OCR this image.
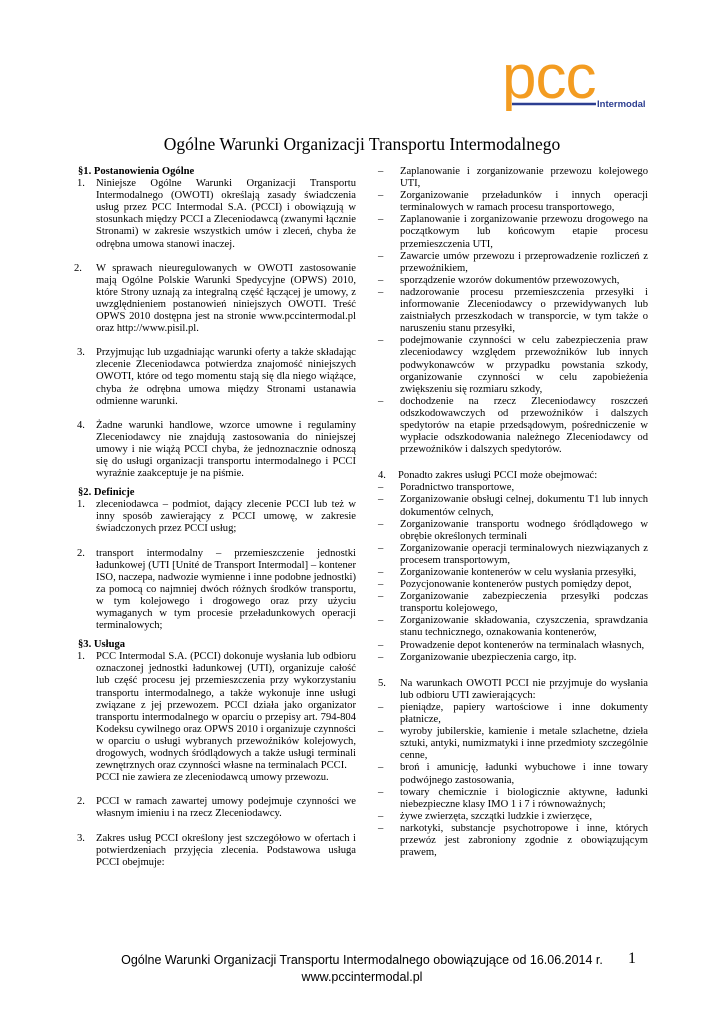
pcc Intermodal
Ogólne Warunki Organizacji Transportu Intermodalnego

§1. Postanowienia Ogólne

1. Niniejsze Ogólne Warunki Organizacji Transportu Intermodalnego (OWOTI) określają zasady świadczenia usług przez PCC Intermodal S.A. (PCCI) i obowiązują w stosunkach między PCCI a Zleceniodawcą (zwanymi łącznie Stronami) w zakresie wszystkich umów i zleceń, chyba że odrębna umowa stanowi inaczej.
2. W sprawach nieuregulowanych w OWOTI zastosowanie mają Ogólne Polskie Warunki Spedycyjne (OPWS) 2010, które Strony uznają za integralną część łączącej je umowy, z uwzględnieniem postanowień niniejszych OWOTI. Treść OPWS 2010 dostępna jest na stronie www.pccintermodal.pl oraz http://www.pisil.pl.
3. Przyjmując lub uzgadniając warunki oferty a także składając zlecenie Zleceniodawca potwierdza znajomość niniejszych OWOTI, które od tego momentu stają się dla niego wiążące, chyba że odrębna umowa między Stronami ustanawia odmienne warunki.
4. Żadne warunki handlowe, wzorce umowne i regulaminy Zleceniodawcy nie znajdują zastosowania do niniejszej umowy i nie wiążą PCCI chyba, że jednoznacznie odnoszą się do usługi organizacji transportu intermodalnego i PCCI wyraźnie zaakceptuje je na piśmie.

§2. Definicje

1. zleceniodawca – podmiot, dający zlecenie PCCI lub też w inny sposób zawierający z PCCI umowę, w zakresie świadczonych przez PCCI usług;
2. transport intermodalny – przemieszczenie jednostki ładunkowej (UTI [Unité de Transport Intermodal] – kontener ISO, naczepa, nadwozie wymienne i inne podobne jednostki) za pomocą co najmniej dwóch różnych środków transportu, w tym kolejowego i drogowego oraz przy użyciu wymaganych w tym procesie przeładunkowych operacji terminalowych;

§3. Usługa

1. PCC Intermodal S.A. (PCCI) dokonuje wysłania lub odbioru oznaczonej jednostki ładunkowej (UTI), organizuje całość lub część procesu jej przemieszczenia przy wykorzystaniu transportu intermodalnego, a także wykonuje inne usługi związane z jej przewozem. PCCI działa jako organizator transportu intermodalnego w oparciu o przepisy art. 794-804 Kodeksu cywilnego oraz OPWS 2010 i organizuje czynności w oparciu o usługi wybranych przewoźników kolejowych, drogowych, wodnych śródlądowych a także usługi terminali zewnętrznych oraz czynności własne na terminalach PCCI.
PCCI nie zawiera ze zleceniodawcą umowy przewozu.
2. PCCI w ramach zawartej umowy podejmuje czynności we własnym imieniu i na rzecz Zleceniodawcy.
3. Zakres usług PCCI określony jest szczegółowo w ofertach i potwierdzeniach przyjęcia zlecenia. Podstawowa usługa PCCI obejmuje:
– Zaplanowanie i zorganizowanie przewozu kolejowego UTI,
– Zorganizowanie przeładunków i innych operacji terminalowych w ramach procesu transportowego,
– Zaplanowanie i zorganizowanie przewozu drogowego na początkowym lub końcowym etapie procesu przemieszczenia UTI,
– Zawarcie umów przewozu i przeprowadzenie rozliczeń z przewoźnikiem,
– sporządzenie wzorów dokumentów przewozowych,
– nadzorowanie procesu przemieszczenia przesyłki i informowanie Zleceniodawcy o przewidywanych lub zaistniałych przeszkodach w transporcie, w tym także o naruszeniu stanu przesyłki,
– podejmowanie czynności w celu zabezpieczenia praw zleceniodawcy względem przewoźników lub innych podwykonawców w przypadku powstania szkody, organizowanie czynności w celu zapobieżenia zwiększeniu się rozmiaru szkody,
– dochodzenie na rzecz Zleceniodawcy roszczeń odszkodowawczych od przewoźników i dalszych spedytorów na etapie przedsądowym, pośredniczenie w wypłacie odszkodowania należnego Zleceniodawcy od przewoźników i dalszych spedytorów.
4. Ponadto zakres usługi PCCI może obejmować:
– Poradnictwo transportowe,
– Zorganizowanie obsługi celnej, dokumentu T1 lub innych dokumentów celnych,
– Zorganizowanie transportu wodnego śródlądowego w obrębie określonych terminali
– Zorganizowanie operacji terminalowych niezwiązanych z procesem transportowym,
– Zorganizowanie kontenerów w celu wysłania przesyłki,
– Pozycjonowanie kontenerów pustych pomiędzy depot,
– Zorganizowanie zabezpieczenia przesyłki podczas transportu kolejowego,
– Zorganizowanie składowania, czyszczenia, sprawdzania stanu technicznego, oznakowania kontenerów,
– Prowadzenie depot kontenerów na terminalach własnych,
– Zorganizowanie ubezpieczenia cargo, itp.
5. Na warunkach OWOTI PCCI nie przyjmuje do wysłania lub odbioru UTI zawierających:
– pieniądze, papiery wartościowe i inne dokumenty płatnicze,
– wyroby jubilerskie, kamienie i metale szlachetne, dzieła sztuki, antyki, numizmatyki i inne przedmioty szczególnie cenne,
– broń i amunicję, ładunki wybuchowe i inne towary podwójnego zastosowania,
– towary chemicznie i biologicznie aktywne, ładunki niebezpieczne klasy IMO 1 i 7 i równoważnych;
– żywe zwierzęta, szczątki ludzkie i zwierzęce,
– narkotyki, substancje psychotropowe i inne, których przewóz jest zabroniony zgodnie z obowiązującym prawem,
Ogólne Warunki Organizacji Transportu Intermodalnego obowiązujące od 16.06.2014 r.
www.pccintermodal.pl
1
